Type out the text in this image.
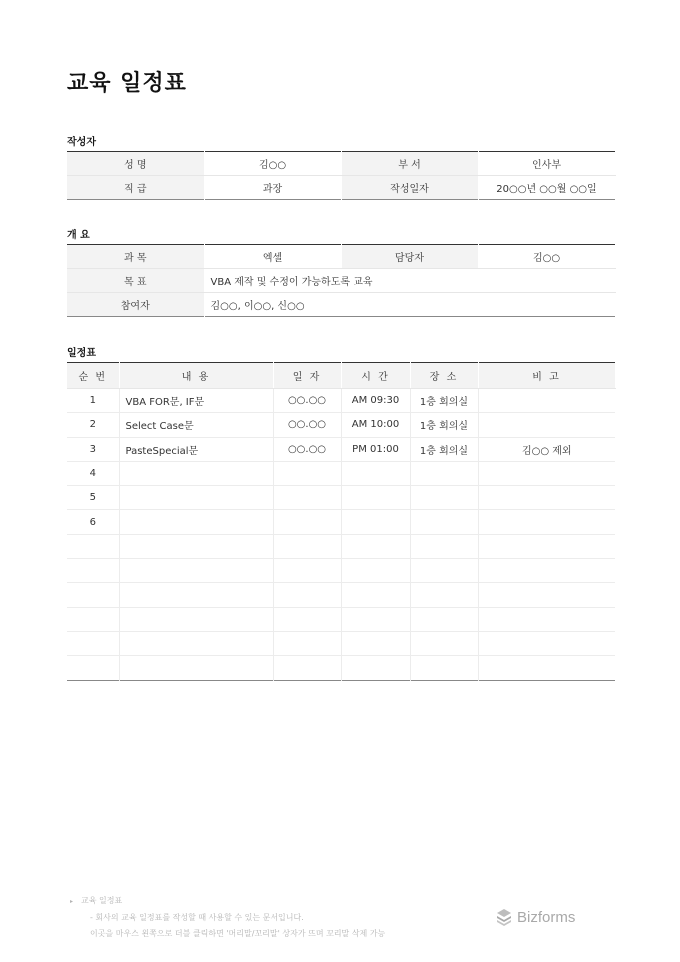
교육 일정표
작성자
성 명	김○○	부 서	인사부
직 급	과장	작성일자	20○○년 ○○월 ○○일
개 요
과 목	엑셀	담당자	김○○
목 표	VBA 제작 및 수정이 가능하도록 교육		
참여자	김○○, 이○○, 신○○		
일정표
순 번	내 용	일 자	시 간	장 소	비 고
1	VBA FOR문, IF문	○○.○○	AM 09:30	1층 회의실	
2	Select Case문	○○.○○	AM 10:00	1층 회의실	
3	PasteSpecial문	○○.○○	PM 01:00	1층 회의실	김○○ 제외
4					
5					
6					

▸ 교육 일정표
- 회사의 교육 일정표를 작성할 때 사용할 수 있는 문서입니다.
이곳을 마우스 왼쪽으로 더블 클릭하면 '머리말/꼬리말' 상자가 뜨며 꼬리말 삭제 가능
Bizforms
